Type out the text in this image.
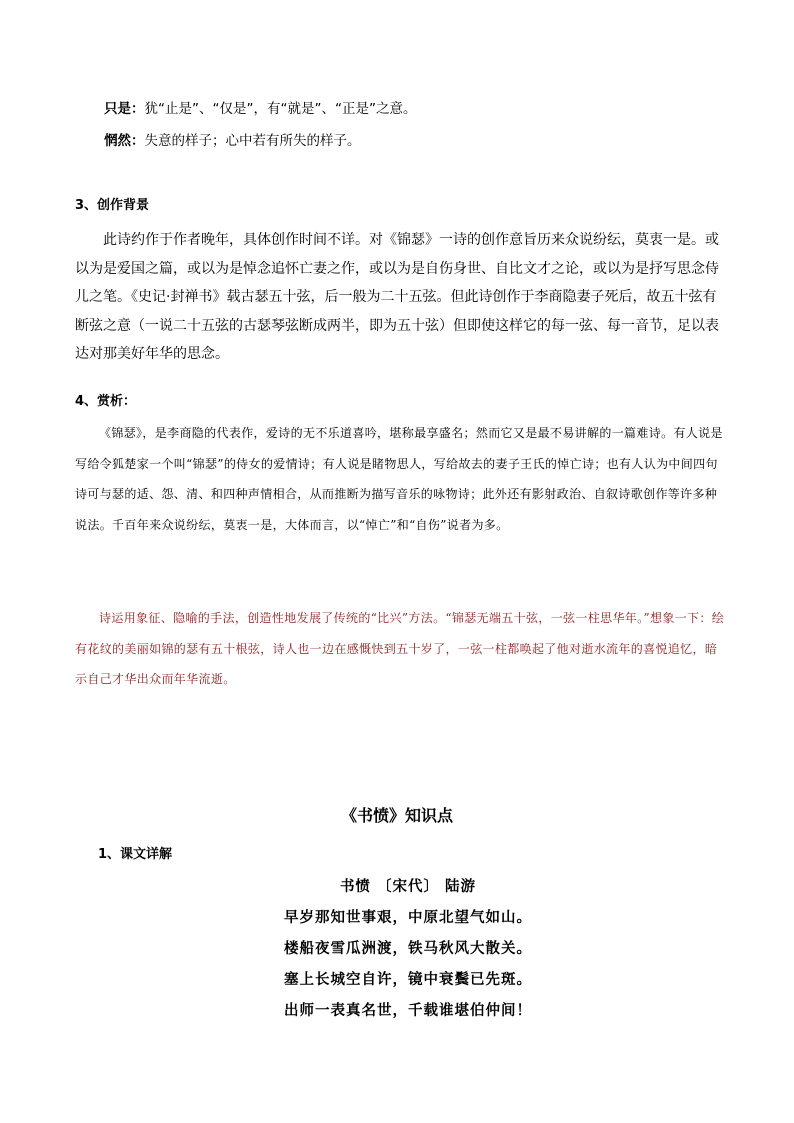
只是：犹“止是”、“仅是”，有“就是”、“正是”之意。
惘然：失意的样子；心中若有所失的样子。
3、创作背景
此诗约作于作者晚年，具体创作时间不详。对《锦瑟》一诗的创作意旨历来众说纷纭，莫衷一是。或以为是爱国之篇，或以为是悼念追怀亡妻之作，或以为是自伤身世、自比文才之论，或以为是抒写思念侍儿之笔。《史记·封禅书》载古瑟五十弦，后一般为二十五弦。但此诗创作于李商隐妻子死后，故五十弦有断弦之意（一说二十五弦的古瑟琴弦断成两半，即为五十弦）但即使这样它的每一弦、每一音节，足以表达对那美好年华的思念。
4、赏析：
《锦瑟》，是李商隐的代表作，爱诗的无不乐道喜吟，堪称最享盛名；然而它又是最不易讲解的一篇难诗。有人说是写给令狐楚家一个叫“锦瑟”的侍女的爱情诗；有人说是睹物思人，写给故去的妻子王氏的悼亡诗；也有人认为中间四句诗可与瑟的适、怨、清、和四种声情相合，从而推断为描写音乐的咏物诗；此外还有影射政治、自叙诗歌创作等许多种说法。千百年来众说纷纭，莫衷一是，大体而言，以“悼亡”和“自伤”说者为多。
诗运用象征、隐喻的手法，创造性地发展了传统的“比兴”方法。“锦瑟无端五十弦，一弦一柱思华年。”想象一下：绘有花纹的美丽如锦的瑟有五十根弦，诗人也一边在感慨快到五十岁了，一弦一柱都唤起了他对逝水流年的喜悦追忆，暗示自己才华出众而年华流逝。
《书愤》知识点
1、课文详解
书愤 〔宋代〕 陆游
早岁那知世事艰，中原北望气如山。
楼船夜雪瓜洲渡，铁马秋风大散关。
塞上长城空自许，镜中衰鬓已先斑。
出师一表真名世，千载谁堪伯仲间！
